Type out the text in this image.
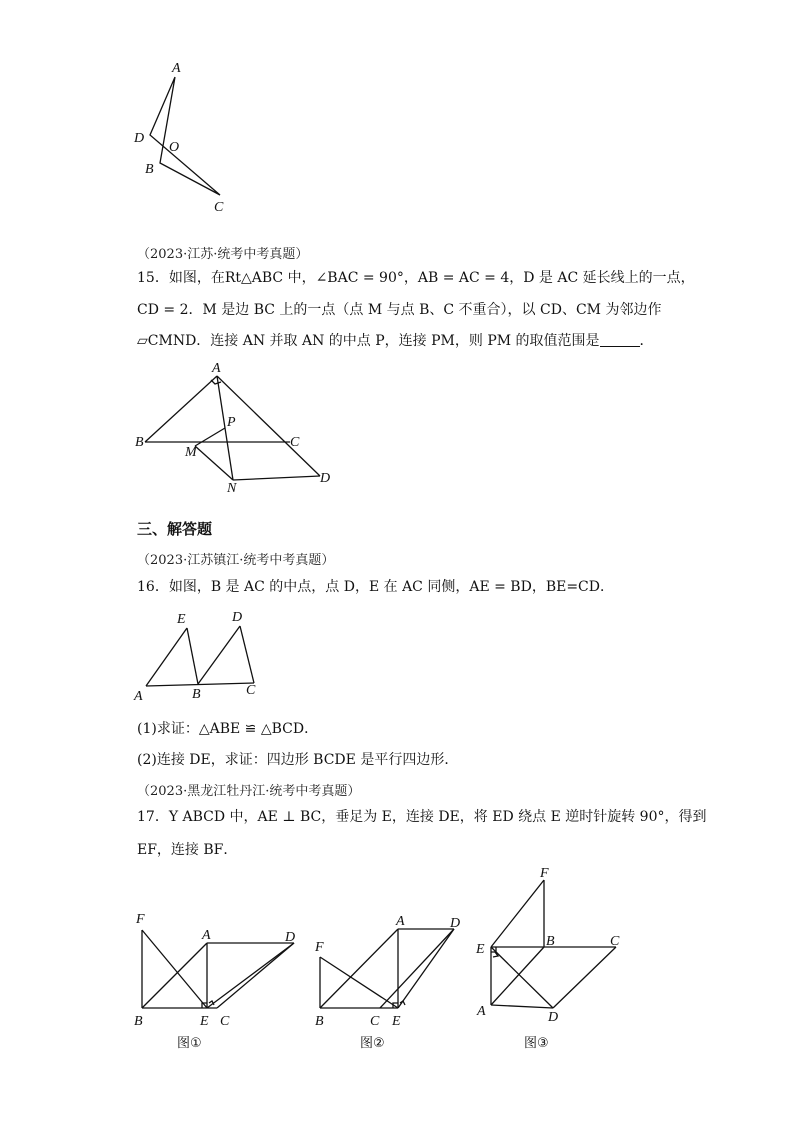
A
D
O
B
C
（2023·江苏·统考中考真题）
15．如图，在Rt△ABC 中，∠BAC = 90°，AB = AC = 4，D 是 AC 延长线上的一点，
CD = 2．M 是边 BC 上的一点（点 M 与点 B、C 不重合），以 CD、CM 为邻边作
▱CMND．连接 AN 并取 AN 的中点 P，连接 PM，则 PM 的取值范围是	．
A
B	C
P
M
N
D
三、解答题
（2023·江苏镇江·统考中考真题）
16．如图，B 是 AC 的中点，点 D，E 在 AC 同侧，AE = BD，BE=CD．
E	D
A	B	C
(1)求证：△ABE ≌ △BCD．
(2)连接 DE，求证：四边形 BCDE 是平行四边形．
（2023·黑龙江牡丹江·统考中考真题）
17．Y ABCD 中，AE ⊥ BC，垂足为 E，连接 DE，将 ED 绕点 E 逆时针旋转 90°，得到
EF，连接 BF．
F
A	D
B	E C
图①
A	D
F
B	C E
图②
F
E
B	C
A	D
图③
